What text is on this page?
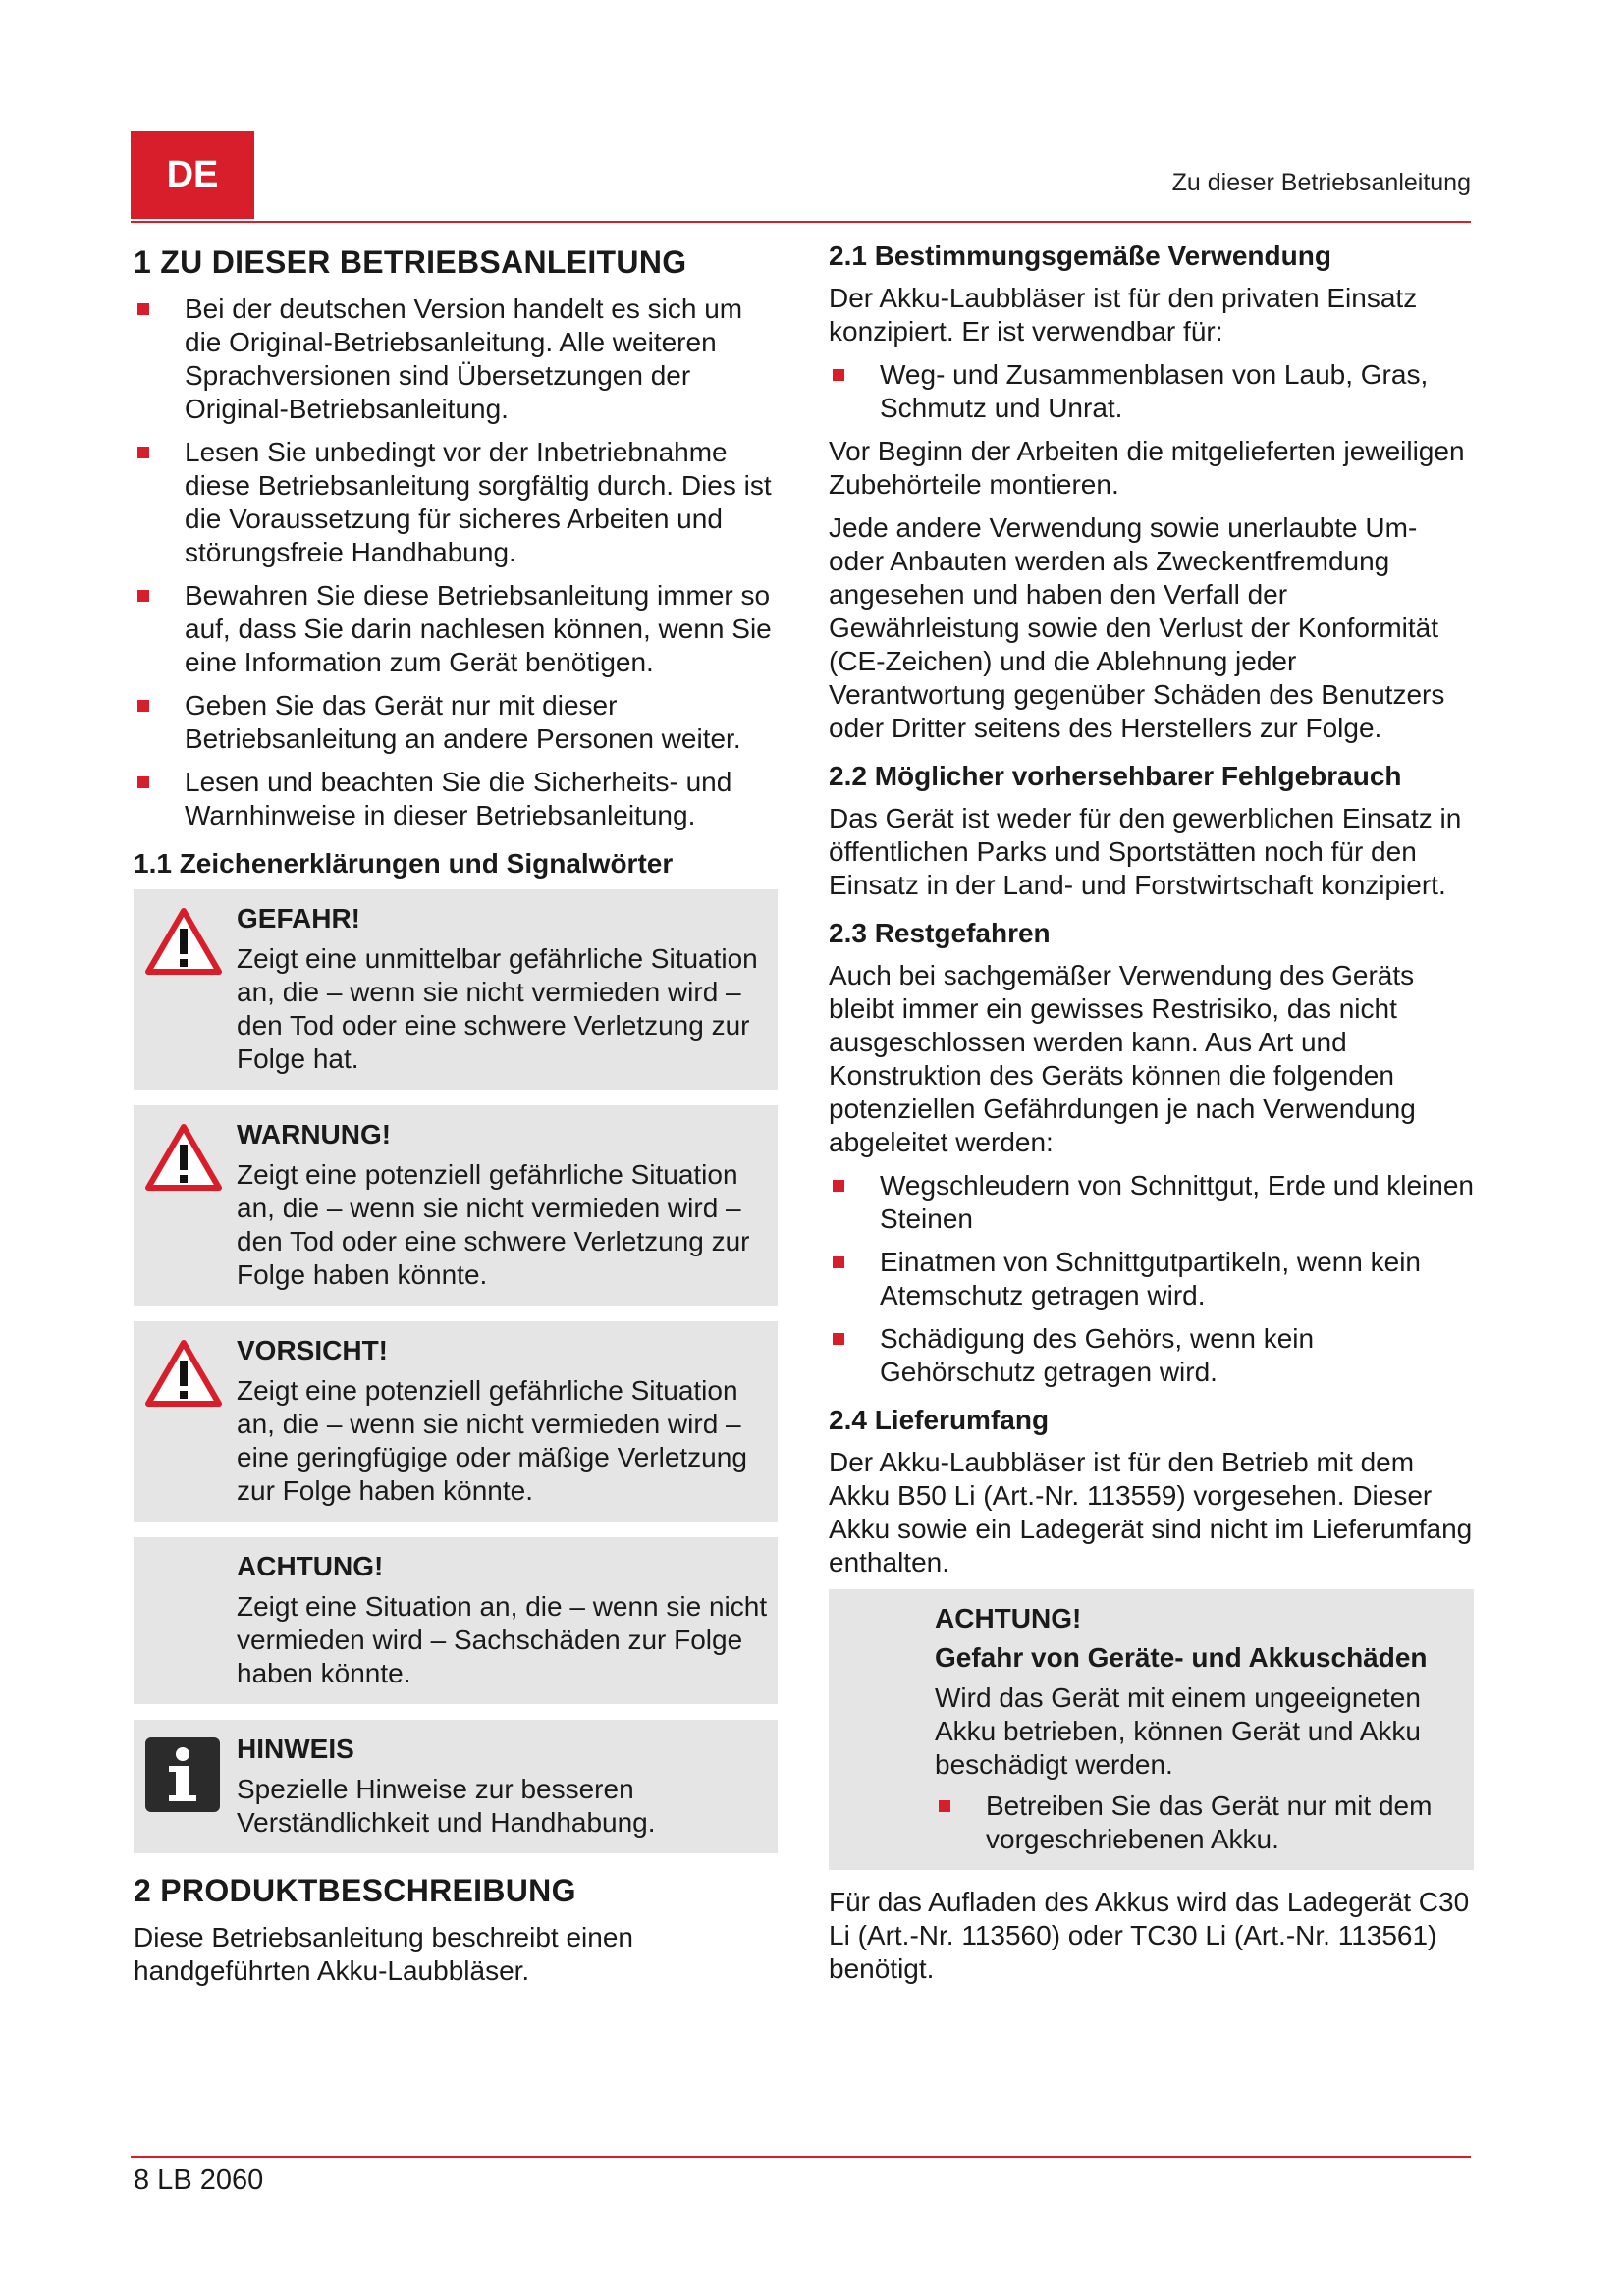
DE	Zu dieser Betriebsanleitung
1 ZU DIESER BETRIEBSANLEITUNG
Bei der deutschen Version handelt es sich um die Original-Betriebsanleitung. Alle weiteren Sprachversionen sind Übersetzungen der Original-Betriebsanleitung.
Lesen Sie unbedingt vor der Inbetriebnahme diese Betriebsanleitung sorgfältig durch. Dies ist die Voraussetzung für sicheres Arbeiten und störungsfreie Handhabung.
Bewahren Sie diese Betriebsanleitung immer so auf, dass Sie darin nachlesen können, wenn Sie eine Information zum Gerät benötigen.
Geben Sie das Gerät nur mit dieser Betriebsanleitung an andere Personen weiter.
Lesen und beachten Sie die Sicherheits- und Warnhinweise in dieser Betriebsanleitung.
1.1 Zeichenerklärungen und Signalwörter
GEFAHR!

Zeigt eine unmittelbar gefährliche Situation an, die – wenn sie nicht vermieden wird – den Tod oder eine schwere Verletzung zur Folge hat.

WARNUNG!

Zeigt eine potenziell gefährliche Situation an, die – wenn sie nicht vermieden wird – den Tod oder eine schwere Verletzung zur Folge haben könnte.

VORSICHT!

Zeigt eine potenziell gefährliche Situation an, die – wenn sie nicht vermieden wird – eine geringfügige oder mäßige Verletzung zur Folge haben könnte.

ACHTUNG!

Zeigt eine Situation an, die – wenn sie nicht vermieden wird – Sachschäden zur Folge haben könnte.

HINWEIS

Spezielle Hinweise zur besseren Verständlichkeit und Handhabung.

2 PRODUKTBESCHREIBUNG

Diese Betriebsanleitung beschreibt einen handgeführten Akku-Laubbläser.

2.1 Bestimmungsgemäße Verwendung

Der Akku-Laubbläser ist für den privaten Einsatz konzipiert. Er ist verwendbar für:

Weg- und Zusammenblasen von Laub, Gras, Schmutz und Unrat.

Vor Beginn der Arbeiten die mitgelieferten jeweiligen Zubehörteile montieren.

Jede andere Verwendung sowie unerlaubte Um- oder Anbauten werden als Zweckentfremdung angesehen und haben den Verfall der Gewährleistung sowie den Verlust der Konformität (CE-Zeichen) und die Ablehnung jeder Verantwortung gegenüber Schäden des Benutzers oder Dritter seitens des Herstellers zur Folge.

2.2 Möglicher vorhersehbarer Fehlgebrauch

Das Gerät ist weder für den gewerblichen Einsatz in öffentlichen Parks und Sportstätten noch für den Einsatz in der Land- und Forstwirtschaft konzipiert.

2.3 Restgefahren

Auch bei sachgemäßer Verwendung des Geräts bleibt immer ein gewisses Restrisiko, das nicht ausgeschlossen werden kann. Aus Art und Konstruktion des Geräts können die folgenden potenziellen Gefährdungen je nach Verwendung abgeleitet werden:

Wegschleudern von Schnittgut, Erde und kleinen Steinen
Einatmen von Schnittgutpartikeln, wenn kein Atemschutz getragen wird.
Schädigung des Gehörs, wenn kein Gehörschutz getragen wird.
2.4 Lieferumfang

Der Akku-Laubbläser ist für den Betrieb mit dem Akku B50 Li (Art.-Nr. 113559) vorgesehen. Dieser Akku sowie ein Ladegerät sind nicht im Lieferumfang enthalten.

ACHTUNG!
Gefahr von Geräte- und Akkuschäden

Wird das Gerät mit einem ungeeigneten Akku betrieben, können Gerät und Akku beschädigt werden.

Betreiben Sie das Gerät nur mit dem vorgeschriebenen Akku.

Für das Aufladen des Akkus wird das Ladegerät C30 Li (Art.-Nr. 113560) oder TC30 Li (Art.-Nr. 113561) benötigt.

8 LB 2060
